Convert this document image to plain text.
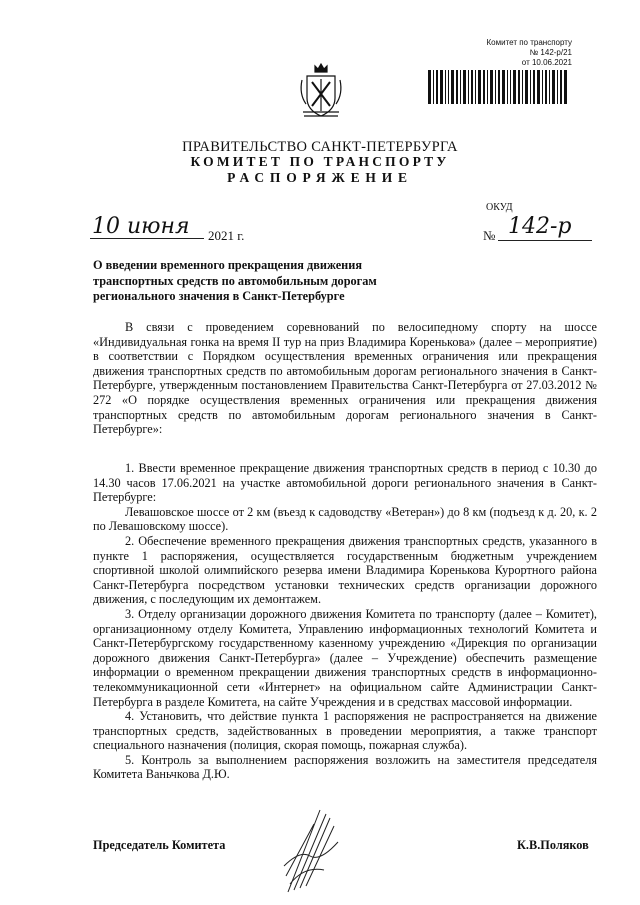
Комитет по транспорту
№ 142-р/21
от 10.06.2021
ПРАВИТЕЛЬСТВО САНКТ-ПЕТЕРБУРГА
КОМИТЕТ ПО ТРАНСПОРТУ
РАСПОРЯЖЕНИЕ
ОКУД
10 июня 2021 г.	№ 142-р
О введении временного прекращения движения транспортных средств по автомобильным дорогам регионального значения в Санкт-Петербурге

В связи с проведением соревнований по велосипедному спорту на шоссе «Индивидуальная гонка на время II тур на приз Владимира Коренькова» (далее – мероприятие) в соответствии с Порядком осуществления временных ограничения или прекращения движения транспортных средств по автомобильным дорогам регионального значения в Санкт-Петербурге, утвержденным постановлением Правительства Санкт-Петербурга от 27.03.2012 № 272 «О порядке осуществления временных ограничения или прекращения движения транспортных средств по автомобильным дорогам регионального значения в Санкт-Петербурге»:

1. Ввести временное прекращение движения транспортных средств в период с 10.30 до 14.30 часов 17.06.2021 на участке автомобильной дороги регионального значения в Санкт-Петербурге:

Левашовское шоссе от 2 км (въезд к садоводству «Ветеран») до 8 км (подъезд к д. 20, к. 2 по Левашовскому шоссе).

2. Обеспечение временного прекращения движения транспортных средств, указанного в пункте 1 распоряжения, осуществляется государственным бюджетным учреждением спортивной школой олимпийского резерва имени Владимира Коренькова Курортного района Санкт-Петербурга посредством установки технических средств организации дорожного движения, с последующим их демонтажем.

3. Отделу организации дорожного движения Комитета по транспорту (далее – Комитет), организационному отделу Комитета, Управлению информационных технологий Комитета и Санкт-Петербургскому государственному казенному учреждению «Дирекция по организации дорожного движения Санкт-Петербурга» (далее – Учреждение) обеспечить размещение информации о временном прекращении движения транспортных средств в информационно-телекоммуникационной сети «Интернет» на официальном сайте Администрации Санкт-Петербурга в разделе Комитета, на сайте Учреждения и в средствах массовой информации.

4. Установить, что действие пункта 1 распоряжения не распространяется на движение транспортных средств, задействованных в проведении мероприятия, а также транспорт специального назначения (полиция, скорая помощь, пожарная служба).

5. Контроль за выполнением распоряжения возложить на заместителя председателя Комитета Ваньчкова Д.Ю.

Председатель Комитета	К.В.Поляков
